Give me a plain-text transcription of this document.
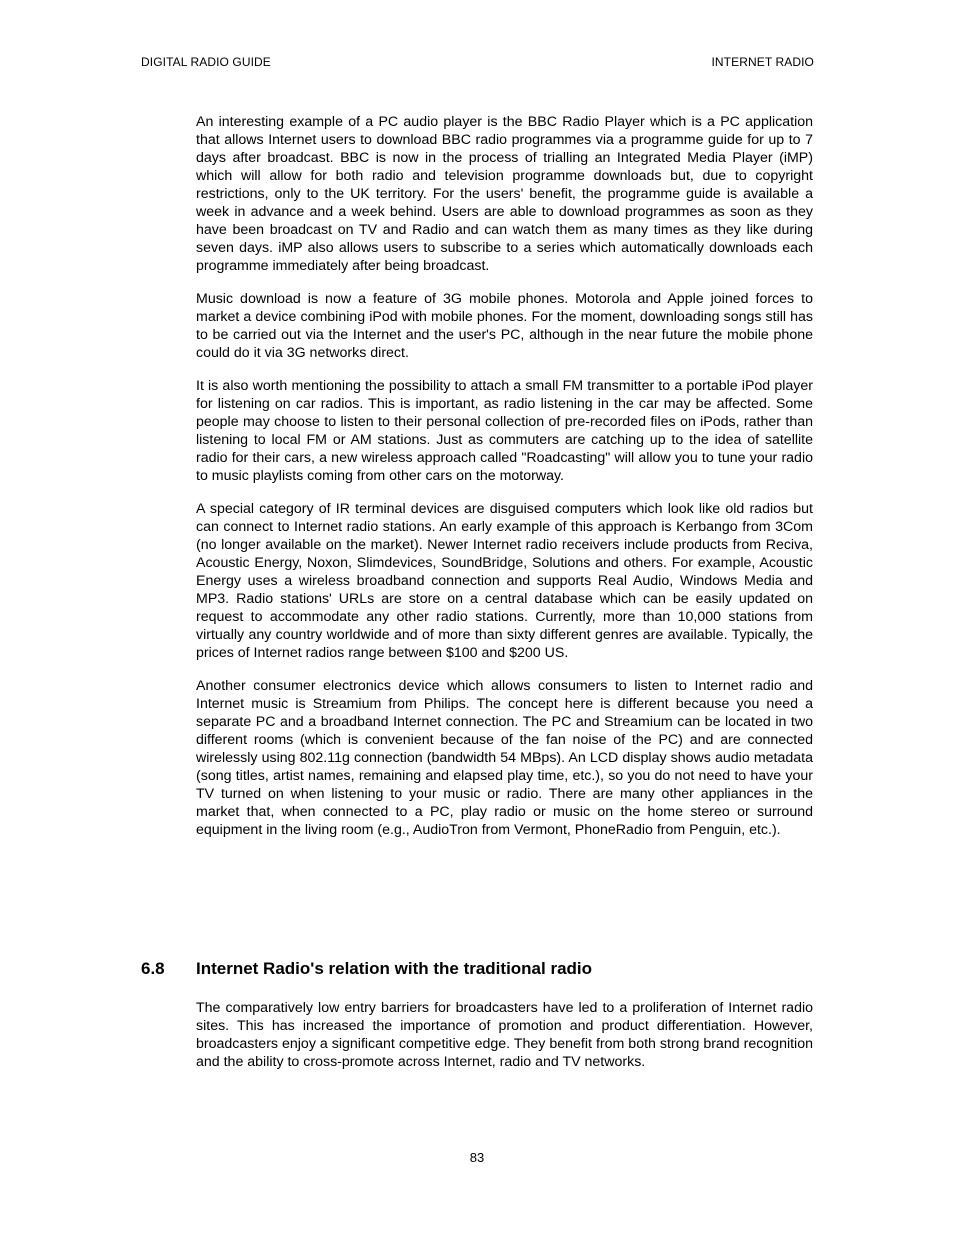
DIGITAL RADIO GUIDE	INTERNET RADIO

An interesting example of a PC audio player is the BBC Radio Player which is a PC application that allows Internet users to download BBC radio programmes via a programme guide for up to 7 days after broadcast. BBC is now in the process of trialling an Integrated Media Player (iMP) which will allow for both radio and television programme downloads but, due to copyright restrictions, only to the UK territory. For the users' benefit, the programme guide is available a week in advance and a week behind. Users are able to download programmes as soon as they have been broadcast on TV and Radio and can watch them as many times as they like during seven days. iMP also allows users to subscribe to a series which automatically downloads each programme immediately after being broadcast.

Music download is now a feature of 3G mobile phones. Motorola and Apple joined forces to market a device combining iPod with mobile phones. For the moment, downloading songs still has to be carried out via the Internet and the user's PC, although in the near future the mobile phone could do it via 3G networks direct.

It is also worth mentioning the possibility to attach a small FM transmitter to a portable iPod player for listening on car radios. This is important, as radio listening in the car may be affected. Some people may choose to listen to their personal collection of pre-recorded files on iPods, rather than listening to local FM or AM stations. Just as commuters are catching up to the idea of satellite radio for their cars, a new wireless approach called "Roadcasting" will allow you to tune your radio to music playlists coming from other cars on the motorway.

A special category of IR terminal devices are disguised computers which look like old radios but can connect to Internet radio stations. An early example of this approach is Kerbango from 3Com (no longer available on the market). Newer Internet radio receivers include products from Reciva, Acoustic Energy, Noxon, Slimdevices, SoundBridge, Solutions and others. For example, Acoustic Energy uses a wireless broadband connection and supports Real Audio, Windows Media and MP3. Radio stations' URLs are store on a central database which can be easily updated on request to accommodate any other radio stations. Currently, more than 10,000 stations from virtually any country worldwide and of more than sixty different genres are available. Typically, the prices of Internet radios range between $100 and $200 US.

Another consumer electronics device which allows consumers to listen to Internet radio and Internet music is Streamium from Philips. The concept here is different because you need a separate PC and a broadband Internet connection. The PC and Streamium can be located in two different rooms (which is convenient because of the fan noise of the PC) and are connected wirelessly using 802.11g connection (bandwidth 54 MBps). An LCD display shows audio metadata (song titles, artist names, remaining and elapsed play time, etc.), so you do not need to have your TV turned on when listening to your music or radio. There are many other appliances in the market that, when connected to a PC, play radio or music on the home stereo or surround equipment in the living room (e.g., AudioTron from Vermont, PhoneRadio from Penguin, etc.).

6.8 Internet Radio's relation with the traditional radio

The comparatively low entry barriers for broadcasters have led to a proliferation of Internet radio sites. This has increased the importance of promotion and product differentiation. However, broadcasters enjoy a significant competitive edge. They benefit from both strong brand recognition and the ability to cross-promote across Internet, radio and TV networks.

83
